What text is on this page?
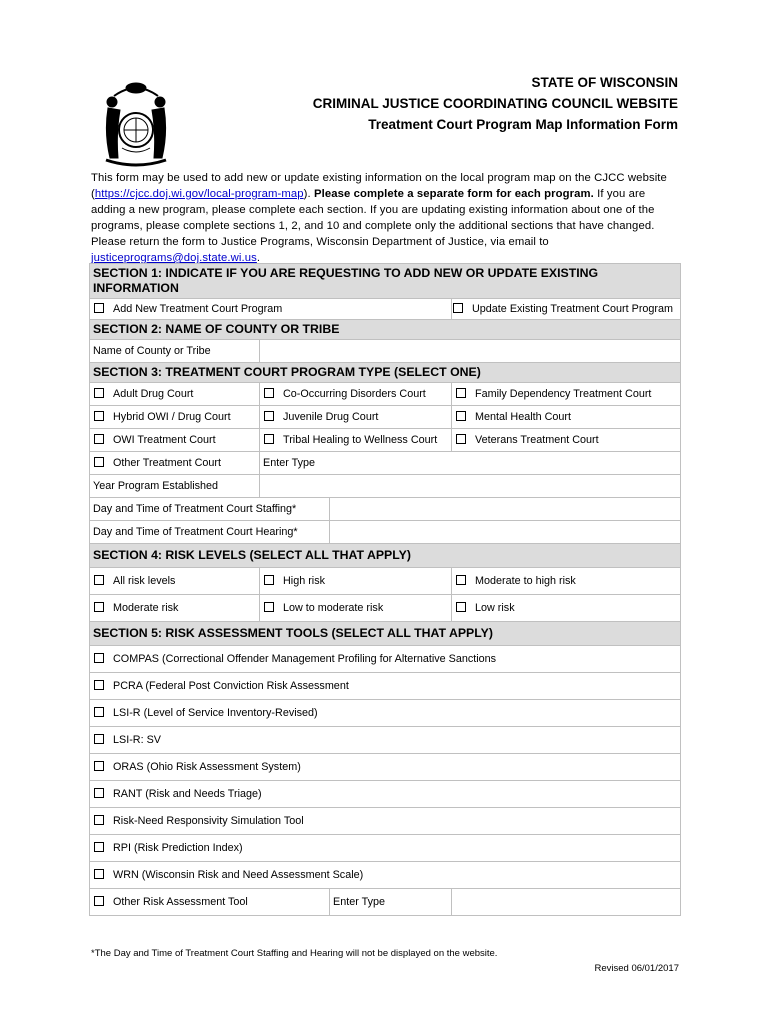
STATE OF WISCONSIN
CRIMINAL JUSTICE COORDINATING COUNCIL WEBSITE
Treatment Court Program Map Information Form
This form may be used to add new or update existing information on the local program map on the CJCC website (https://cjcc.doj.wi.gov/local-program-map). Please complete a separate form for each program. If you are adding a new program, please complete each section. If you are updating existing information about one of the programs, please complete sections 1, 2, and 10 and complete only the additional sections that have changed. Please return the form to Justice Programs, Wisconsin Department of Justice, via email to justiceprograms@doj.state.wi.us.
SECTION 1: INDICATE IF YOU ARE REQUESTING TO ADD NEW OR UPDATE EXISTING INFORMATION			
Add New Treatment Court Program			Update Existing Treatment Court Program
SECTION 2: NAME OF COUNTY OR TRIBE			
Name of County or Tribe			
SECTION 3: TREATMENT COURT PROGRAM TYPE (SELECT ONE)			
Adult Drug Court	Co-Occurring Disorders Court		Family Dependency Treatment Court
Hybrid OWI / Drug Court	Juvenile Drug Court		Mental Health Court
OWI Treatment Court	Tribal Healing to Wellness Court		Veterans Treatment Court
Other Treatment Court	Enter Type		
Year Program Established			
Day and Time of Treatment Court Staffing*			
Day and Time of Treatment Court Hearing*			
SECTION 4: RISK LEVELS (SELECT ALL THAT APPLY)			
All risk levels	High risk		Moderate to high risk
Moderate risk	Low to moderate risk		Low risk
SECTION 5: RISK ASSESSMENT TOOLS (SELECT ALL THAT APPLY)			
COMPAS (Correctional Offender Management Profiling for Alternative Sanctions			
PCRA (Federal Post Conviction Risk Assessment			
LSI-R (Level of Service Inventory-Revised)			
LSI-R: SV			
ORAS (Ohio Risk Assessment System)			
RANT (Risk and Needs Triage)			
Risk-Need Responsivity Simulation Tool			
RPI (Risk Prediction Index)			
WRN (Wisconsin Risk and Need Assessment Scale)			
Other Risk Assessment Tool		Enter Type	
*The Day and Time of Treatment Court Staffing and Hearing will not be displayed on the website.
Revised 06/01/2017
